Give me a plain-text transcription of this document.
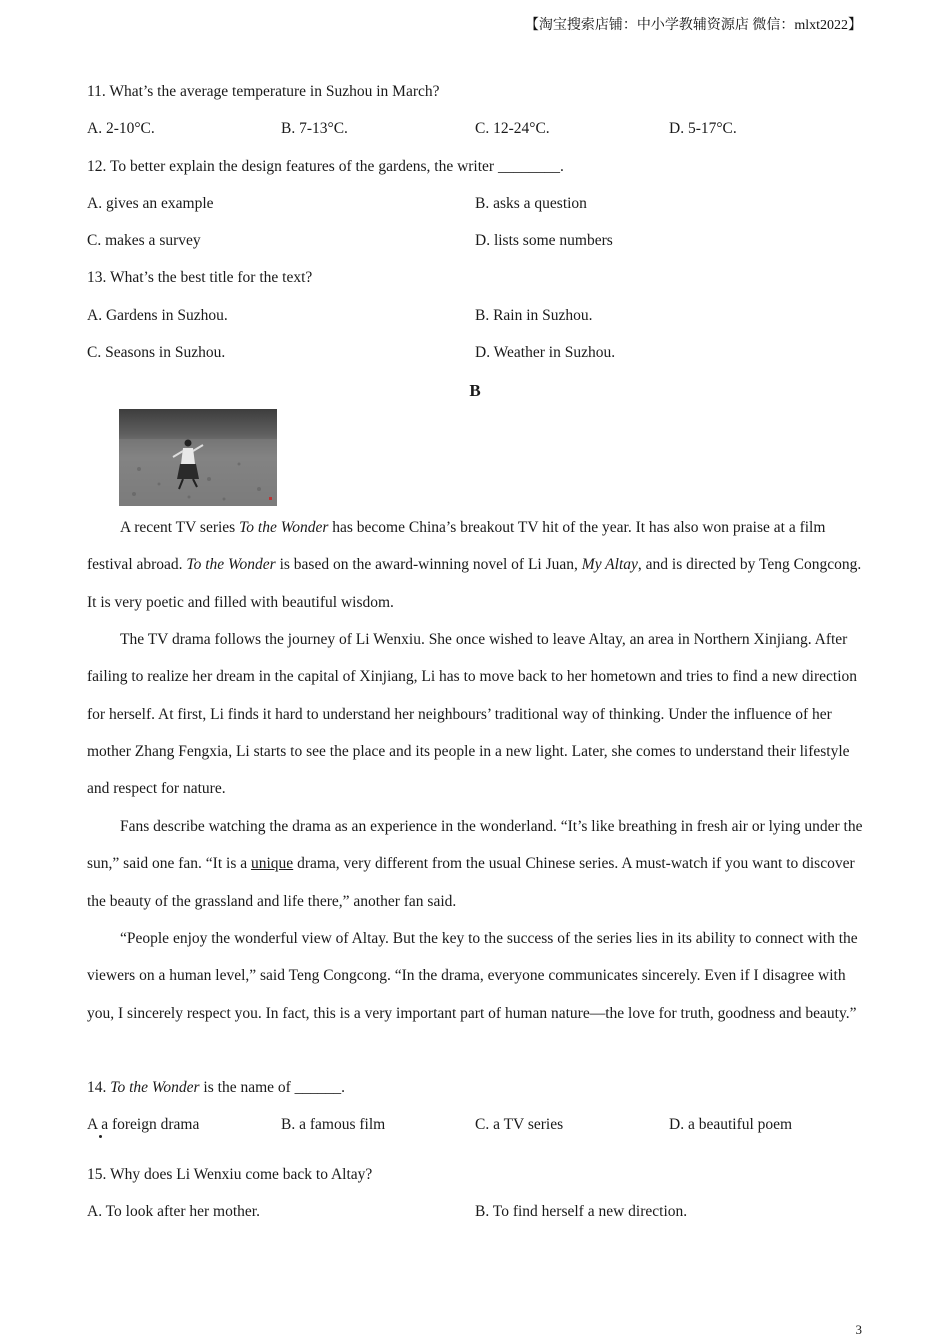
【淘宝搜索店铺：中小学教辅资源店 微信：mlxt2022】
11. What’s the average temperature in Suzhou in March?
A. 2-10°C.	B. 7-13°C.	C. 12-24°C.	D. 5-17°C.
12. To better explain the design features of the gardens, the writer ________.
A. gives an example	B. asks a question
C. makes a survey	D. lists some numbers
13. What’s the best title for the text?
A. Gardens in Suzhou.	B. Rain in Suzhou.
C. Seasons in Suzhou.	D. Weather in Suzhou.
B
A recent TV series To the Wonder has become China’s breakout TV hit of the year. It has also won praise at a film festival abroad. To the Wonder is based on the award-winning novel of Li Juan, My Altay, and is directed by Teng Congcong. It is very poetic and filled with beautiful wisdom.
The TV drama follows the journey of Li Wenxiu. She once wished to leave Altay, an area in Northern Xinjiang. After failing to realize her dream in the capital of Xinjiang, Li has to move back to her hometown and tries to find a new direction for herself. At first, Li finds it hard to understand her neighbours’ traditional way of thinking. Under the influence of her mother Zhang Fengxia, Li starts to see the place and its people in a new light. Later, she comes to understand their lifestyle and respect for nature.
Fans describe watching the drama as an experience in the wonderland. “It’s like breathing in fresh air or lying under the sun,” said one fan. “It is a unique drama, very different from the usual Chinese series. A must-watch if you want to discover the beauty of the grassland and life there,” another fan said.
“People enjoy the wonderful view of Altay. But the key to the success of the series lies in its ability to connect with the viewers on a human level,” said Teng Congcong. “In the drama, everyone communicates sincerely. Even if I disagree with you, I sincerely respect you. In fact, this is a very important part of human nature—the love for truth, goodness and beauty.”
14. To the Wonder is the name of ______.
A a foreign drama	B. a famous film	C. a TV series	D. a beautiful poem
15. Why does Li Wenxiu come back to Altay?
A. To look after her mother.	B. To find herself a new direction.
3
